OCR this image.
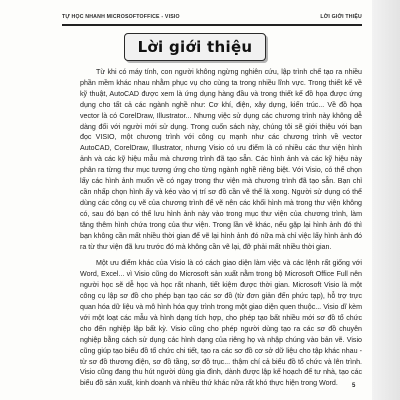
TỰ HỌC NHANH MICROSOFTOFFICE - VISIO	LỜI GIỚI THIỆU
Lời giới thiệu

Từ khi có máy tính, con người không ngừng nghiên cứu, lập trình chế tạo ra nhiều phần mềm khác nhau nhằm phục vụ cho cùng ta trong nhiều lĩnh vực. Trong thiết kế về kỹ thuật, AutoCAD được xem là ứng dụng hàng đầu và trong thiết kế đồ họa được ứng dụng cho tất cả các ngành nghề như: Cơ khí, điện, xây dựng, kiến trúc... Về đồ họa vector là có CorelDraw, Illustrator... Nhưng việc sử dụng các chương trình này không dễ dàng đối với người mới sử dụng. Trong cuốn sách này, chúng tôi sẽ giới thiệu với bạn đọc VISIO, một chương trình với công cụ mạnh như các chương trình về vector AutoCAD, CorelDraw, Illustrator, nhưng Visio có ưu điểm là có nhiều các thư viện hình ảnh và các kỹ hiệu mẫu mà chương trình đã tạo sẵn. Các hình ảnh và các kỹ hiệu này phân ra từng thư mục tương ứng cho từng ngành nghề riêng biệt. Với Visio, có thể chọn lấy các hình ảnh muốn về có ngay trong thư viện mà chương trình đã tạo sẵn. Bạn chỉ cần nhấp chọn hình ấy và kéo vào vị trí sơ đồ cần vẽ thế là xong. Người sử dụng có thể dùng các công cụ vẽ của chương trình để vẽ nên các khối hình mà trong thư viện không có, sau đó bạn có thể lưu hình ảnh này vào trong mục thư viện của chương trình, làm tăng thêm hình chứa trong của thư viện. Trong lần vẽ khác, nếu gặp lại hình ảnh đó thì bạn không cần mất nhiều thời gian để vẽ lại hình ảnh đó nữa mà chỉ việc lấy hình ảnh đó ra từ thư viện đã lưu trước đó mà không cần vẽ lại, đỡ phải mất nhiều thời gian.

Một ưu điểm khác của Visio là có cách giao diện làm việc và các lệnh rất giống với Word, Excel... vì Visio cũng do Microsoft sản xuất nằm trong bộ Microsoft Office Full nên người học sẽ dễ học và học rất nhanh, tiết kiệm được thời gian. Microsoft Visio là một công cụ lập sơ đồ cho phép bạn tạo các sơ đồ (từ đơn giản đến phức tạp), hỗ trợ trực quan hóa dữ liệu và mô hình hóa quy trình trong một giao diện quen thuộc... Visio dĩ kèm với một loạt các mẫu và hình dạng tích hợp, cho phép tạo bất nhiều mới sơ đồ tổ chức cho đến nghiệp lập bất kỳ. Visio cũng cho phép người dùng tạo ra các sơ đồ chuyên nghiệp bằng cách sử dụng các hình dạng của riêng họ và nhập chúng vào bản vẽ. Visio cũng giúp tạo biểu đồ tổ chức chi tiết, tạo ra các sơ đồ cơ sở dữ liệu cho tập khác nhau - từ sơ đồ thương điện, sơ đồ tầng, sơ đồ trục... thậm chí cả biểu đồ tổ chức và lên trình. Visio cũng đang thu hút người dùng gia đình, dành được lập kế hoạch để tư nhà, tạo các biểu đồ sản xuất, kinh doanh và nhiều thứ khác nữa rất khó thực hiện trong Word.	5
